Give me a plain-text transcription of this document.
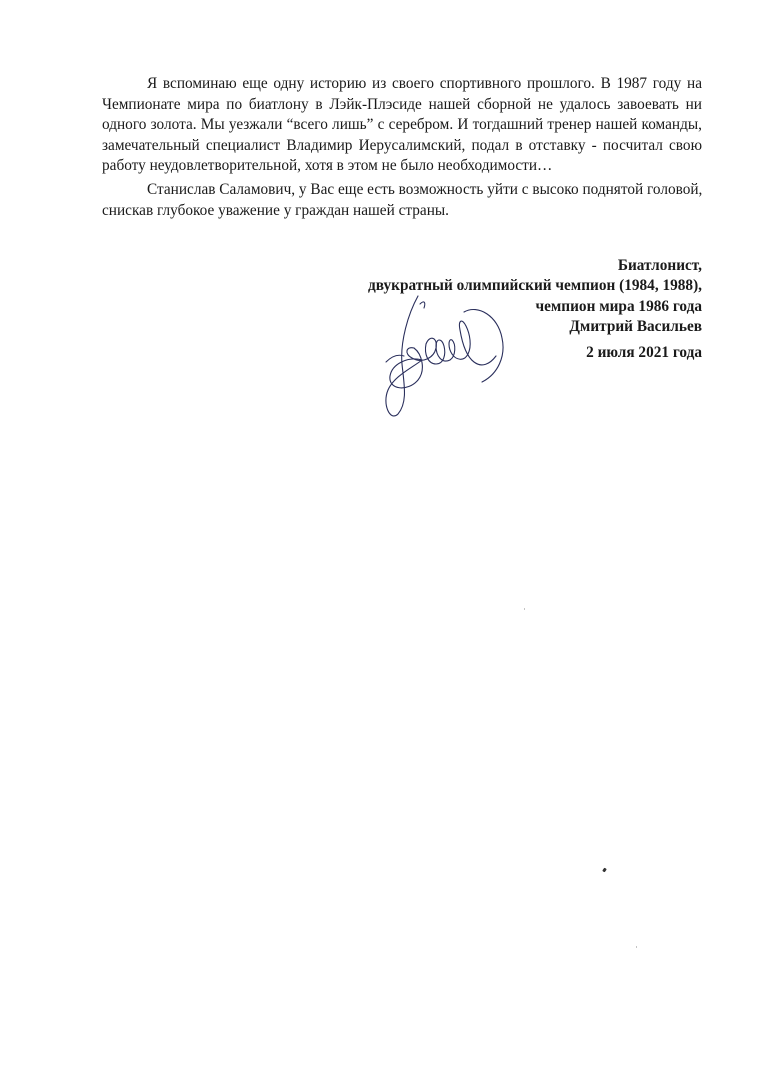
Я вспоминаю еще одну историю из своего спортивного прошлого. В 1987 году на
Чемпионате мира по биатлону в Лэйк-Плэсиде нашей сборной не удалось завоевать ни
одного золота. Мы уезжали “всего лишь” с серебром. И тогдашний тренер нашей команды,
замечательный специалист Владимир Иерусалимский, подал в отставку - посчитал свою
работу неудовлетворительной, хотя в этом не было необходимости…
Станислав Саламович, у Вас еще есть возможность уйти с высоко поднятой головой,
снискав глубокое уважение у граждан нашей страны.
Биатлонист,
двукратный олимпийский чемпион (1984, 1988),
чемпион мира 1986 года
Дмитрий Васильев
2 июля 2021 года
